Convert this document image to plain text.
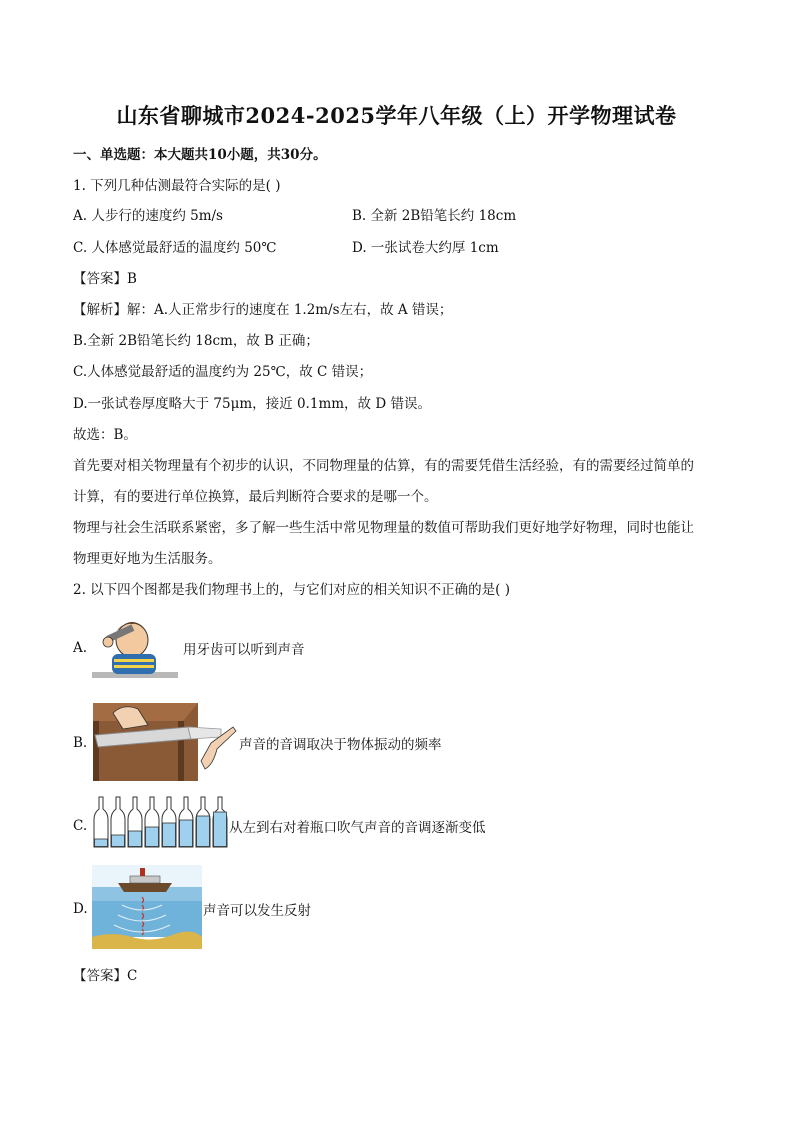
山东省聊城市2024-2025学年八年级（上）开学物理试卷
一、单选题：本大题共10小题，共30分。
1. 下列几种估测最符合实际的是( )
A. 人步行的速度约 5m/s	B. 全新 2B铅笔长约 18cm
C. 人体感觉最舒适的温度约 50℃	D. 一张试卷大约厚 1cm
【答案】B
【解析】解：A.人正常步行的速度在 1.2m/s左右，故 A 错误；
B.全新 2B铅笔长约 18cm，故 B 正确；
C.人体感觉最舒适的温度约为 25℃，故 C 错误；
D.一张试卷厚度略大于 75μm，接近 0.1mm，故 D 错误。
故选：B。
首先要对相关物理量有个初步的认识，不同物理量的估算，有的需要凭借生活经验，有的需要经过简单的
计算，有的要进行单位换算，最后判断符合要求的是哪一个。
物理与社会生活联系紧密，多了解一些生活中常见物理量的数值可帮助我们更好地学好物理，同时也能让
物理更好地为生活服务。
2. 以下四个图都是我们物理书上的，与它们对应的相关知识不正确的是( )
A.	用牙齿可以听到声音
B.	声音的音调取决于物体振动的频率
C.	从左到右对着瓶口吹气声音的音调逐渐变低
D.	声音可以发生反射
【答案】C
